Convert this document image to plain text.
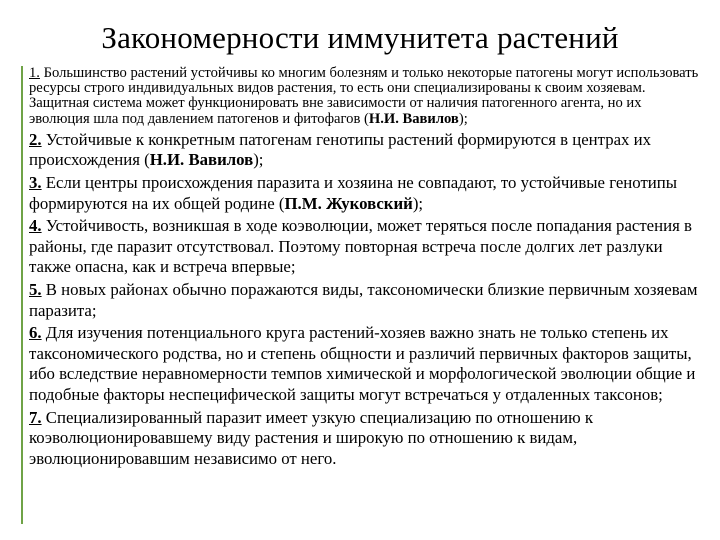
Закономерности иммунитета растений
1. Большинство растений устойчивы ко многим болезням и только некоторые патогены могут использовать ресурсы строго индивидуальных видов растения, то есть они специализированы к своим хозяевам. Защитная система может функционировать вне зависимости от наличия патогенного агента, но их эволюция шла под давлением патогенов и фитофагов (Н.И. Вавилов);
2. Устойчивые к конкретным патогенам генотипы растений формируются в центрах их происхождения (Н.И. Вавилов);
3. Если центры происхождения паразита и хозяина не совпадают, то устойчивые генотипы формируются на их общей родине (П.М. Жуковский);
4. Устойчивость, возникшая в ходе коэволюции, может теряться после попадания растения в районы, где паразит отсутствовал. Поэтому повторная встреча после долгих лет разлуки также опасна, как и встреча впервые;
5. В новых районах обычно поражаются виды, таксономически близкие первичным хозяевам паразита;
6. Для изучения потенциального круга растений-хозяев важно знать не только степень их таксономического родства, но и степень общности и различий первичных факторов защиты, ибо вследствие неравномерности темпов химической и морфологической эволюции общие и подобные факторы неспецифической защиты могут встречаться у отдаленных таксонов;
7. Специализированный паразит имеет узкую специализацию по отношению к коэволюционировавшему виду растения и широкую по отношению к видам, эволюционировавшим независимо от него.
